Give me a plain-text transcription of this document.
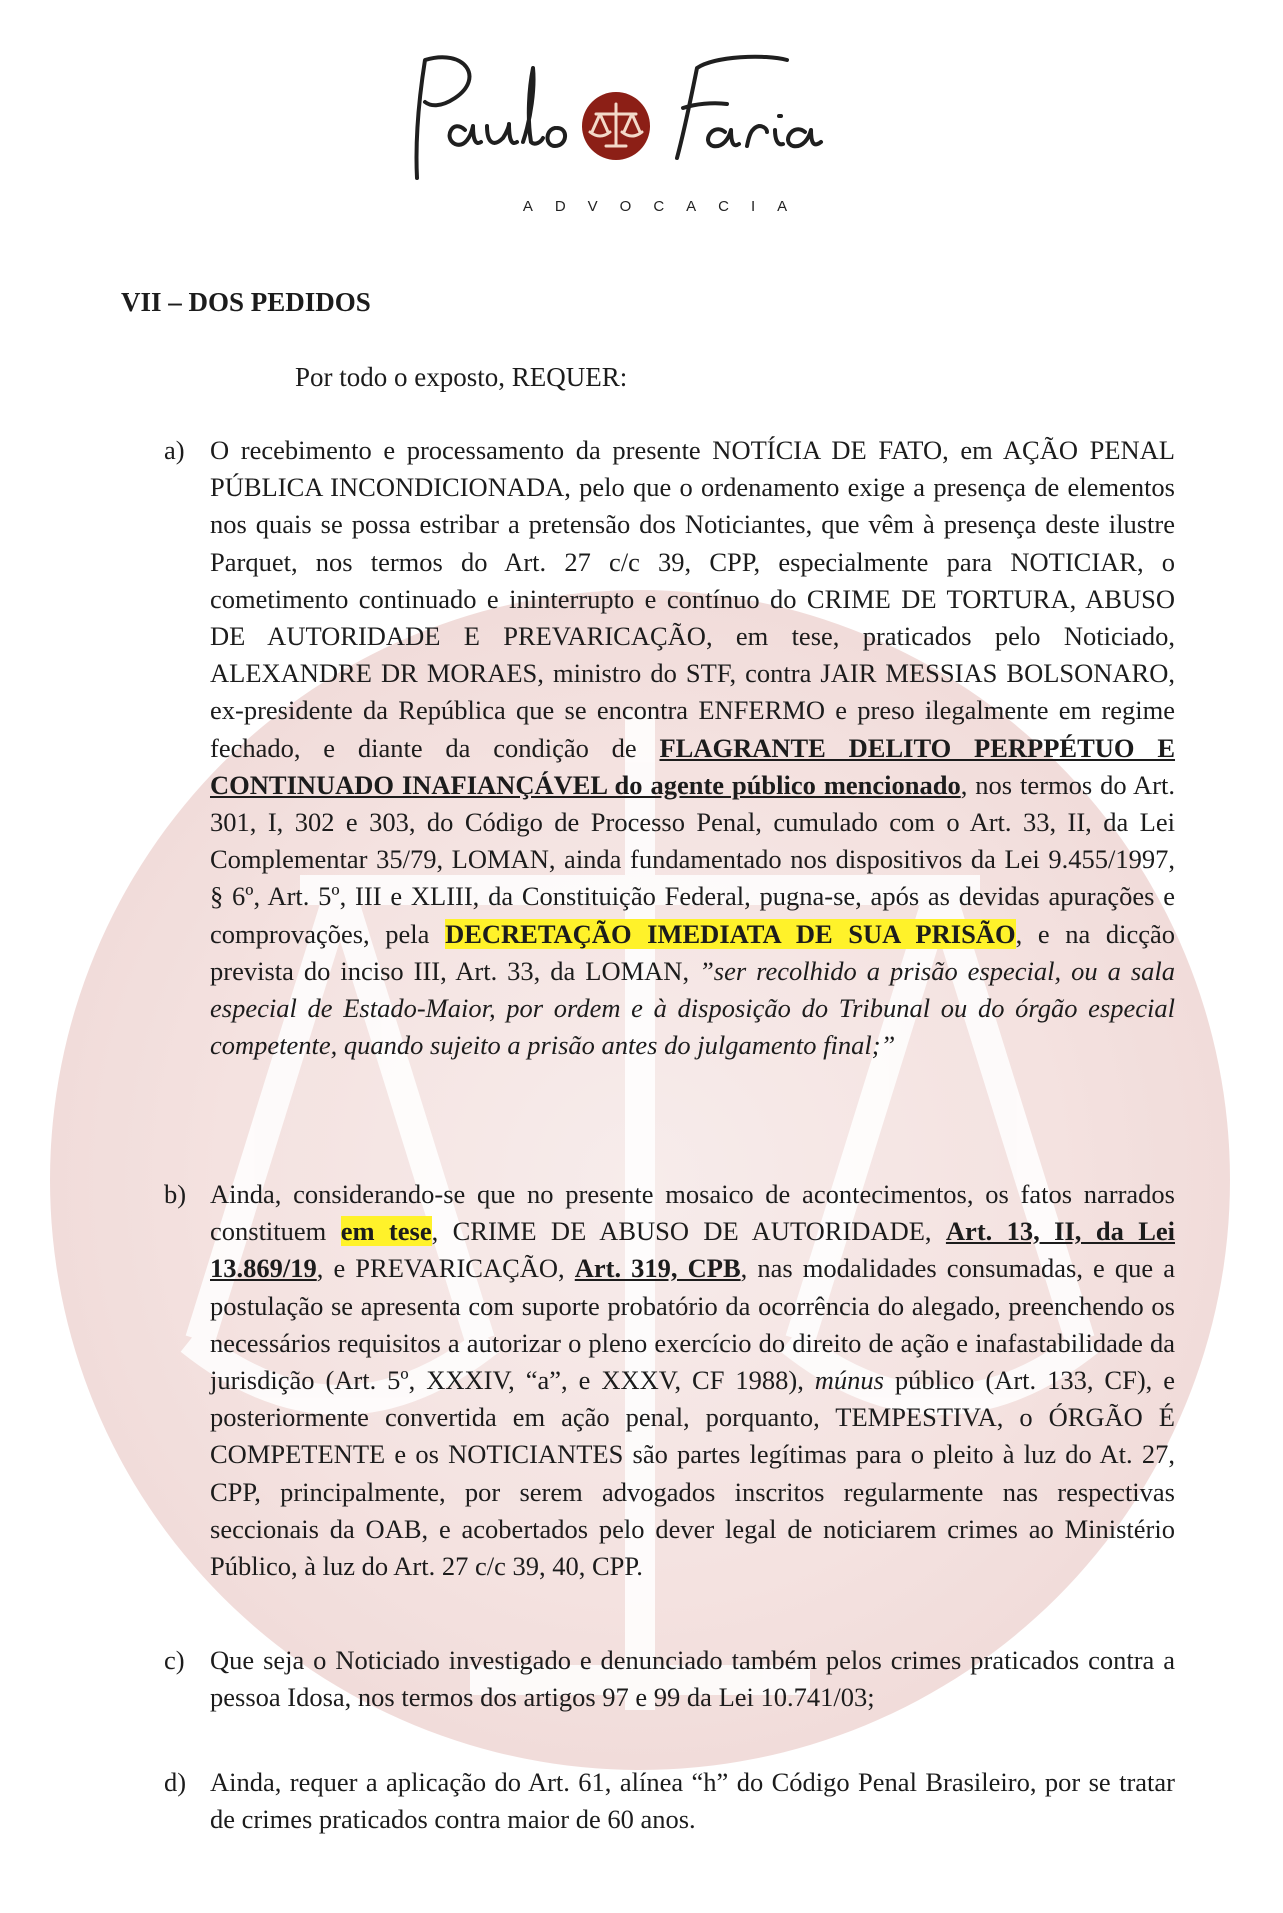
ADVOCACIA
VII – DOS PEDIDOS

Por todo o exposto, REQUER:

a) O recebimento e processamento da presente NOTÍCIA DE FATO, em AÇÃO PENAL PÚBLICA INCONDICIONADA, pelo que o ordenamento exige a presença de elementos nos quais se possa estribar a pretensão dos Noticiantes, que vêm à presença deste ilustre Parquet, nos termos do Art. 27 c/c 39, CPP, especialmente para NOTICIAR, o cometimento continuado e ininterrupto e contínuo do CRIME DE TORTURA, ABUSO DE AUTORIDADE E PREVARICAÇÃO, em tese, praticados pelo Noticiado, ALEXANDRE DR MORAES, ministro do STF, contra JAIR MESSIAS BOLSONARO, ex-presidente da República que se encontra ENFERMO e preso ilegalmente em regime fechado, e diante da condição de FLAGRANTE DELITO PERPPÉTUO E CONTINUADO INAFIANÇÁVEL do agente público mencionado, nos termos do Art. 301, I, 302 e 303, do Código de Processo Penal, cumulado com o Art. 33, II, da Lei Complementar 35/79, LOMAN, ainda fundamentado nos dispositivos da Lei 9.455/1997, § 6º, Art. 5º, III e XLIII, da Constituição Federal, pugna-se, após as devidas apurações e comprovações, pela DECRETAÇÃO IMEDIATA DE SUA PRISÃO, e na dicção prevista do inciso III, Art. 33, da LOMAN, ”ser recolhido a prisão especial, ou a sala especial de Estado-Maior, por ordem e à disposição do Tribunal ou do órgão especial competente, quando sujeito a prisão antes do julgamento final;”
b) Ainda, considerando-se que no presente mosaico de acontecimentos, os fatos narrados constituem em tese, CRIME DE ABUSO DE AUTORIDADE, Art. 13, II, da Lei 13.869/19, e PREVARICAÇÃO, Art. 319, CPB, nas modalidades consumadas, e que a postulação se apresenta com suporte probatório da ocorrência do alegado, preenchendo os necessários requisitos a autorizar o pleno exercício do direito de ação e inafastabilidade da jurisdição (Art. 5º, XXXIV, “a”, e XXXV, CF 1988), múnus público (Art. 133, CF), e posteriormente convertida em ação penal, porquanto, TEMPESTIVA, o ÓRGÃO É COMPETENTE e os NOTICIANTES são partes legítimas para o pleito à luz do At. 27, CPP, principalmente, por serem advogados inscritos regularmente nas respectivas seccionais da OAB, e acobertados pelo dever legal de noticiarem crimes ao Ministério Público, à luz do Art. 27 c/c 39, 40, CPP.
c) Que seja o Noticiado investigado e denunciado também pelos crimes praticados contra a pessoa Idosa, nos termos dos artigos 97 e 99 da Lei 10.741/03;
d) Ainda, requer a aplicação do Art. 61, alínea “h” do Código Penal Brasileiro, por se tratar de crimes praticados contra maior de 60 anos.
